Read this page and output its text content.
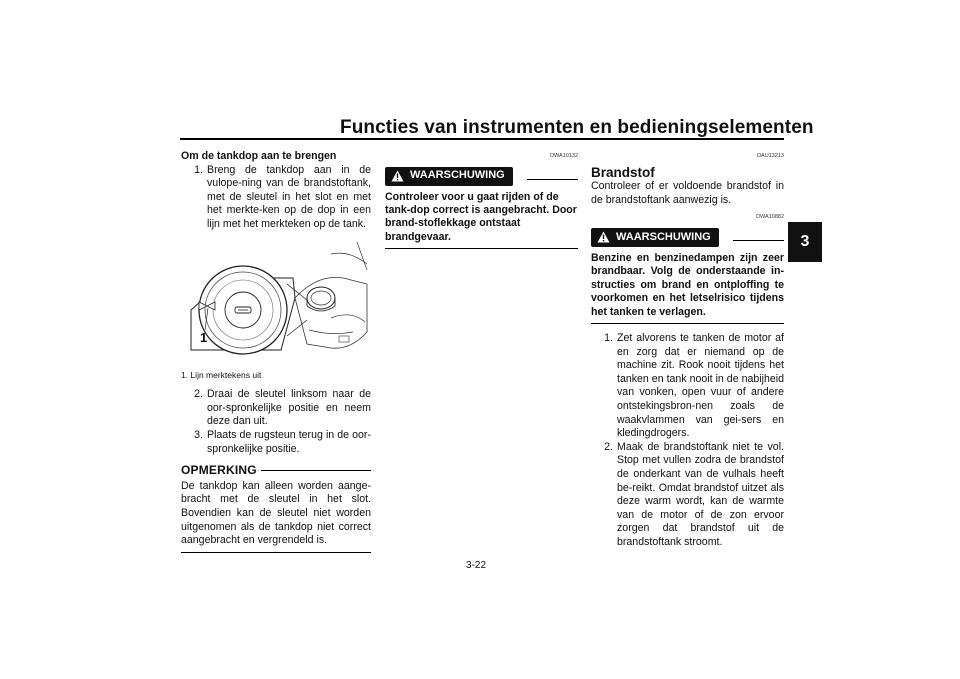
Functies van instrumenten en bedieningselementen
3
Om de tankdop aan te brengen
1. Breng de tankdop aan in de vulope-ning van de brandstoftank, met de sleutel in het slot en met het merkte-ken op de dop in een lijn met het merkteken op de tank.
1
1. Lijn merktekens uit
2. Draai de sleutel linksom naar de oor-spronkelijke positie en neem deze dan uit.
3. Plaats de rugsteun terug in de oor-spronkelijke positie.
OPMERKING
De tankdop kan alleen worden aange-bracht met de sleutel in het slot. Bovendien kan de sleutel niet worden uitgenomen als de tankdop niet correct aangebracht en vergrendeld is.
DWA10132
WAARSCHUWING
Controleer voor u gaat rijden of de tank-dop correct is aangebracht. Door brand-stoflekkage ontstaat brandgevaar.
DAU13213
Brandstof
Controleer of er voldoende brandstof in de brandstoftank aanwezig is.
DWA10882
WAARSCHUWING
Benzine en benzinedampen zijn zeer brandbaar. Volg de onderstaande in-structies om brand en ontploffing te voorkomen en het letselrisico tijdens het tanken te verlagen.
1. Zet alvorens te tanken de motor af en zorg dat er niemand op de machine zit. Rook nooit tijdens het tanken en tank nooit in de nabijheid van vonken, open vuur of andere ontstekingsbron-nen zoals de waakvlammen van gei-sers en kledingdrogers.
2. Maak de brandstoftank niet te vol. Stop met vullen zodra de brandstof de onderkant van de vulhals heeft be-reikt. Omdat brandstof uitzet als deze warm wordt, kan de warmte van de motor of de zon ervoor zorgen dat brandstof uit de brandstoftank stroomt.
3-22
